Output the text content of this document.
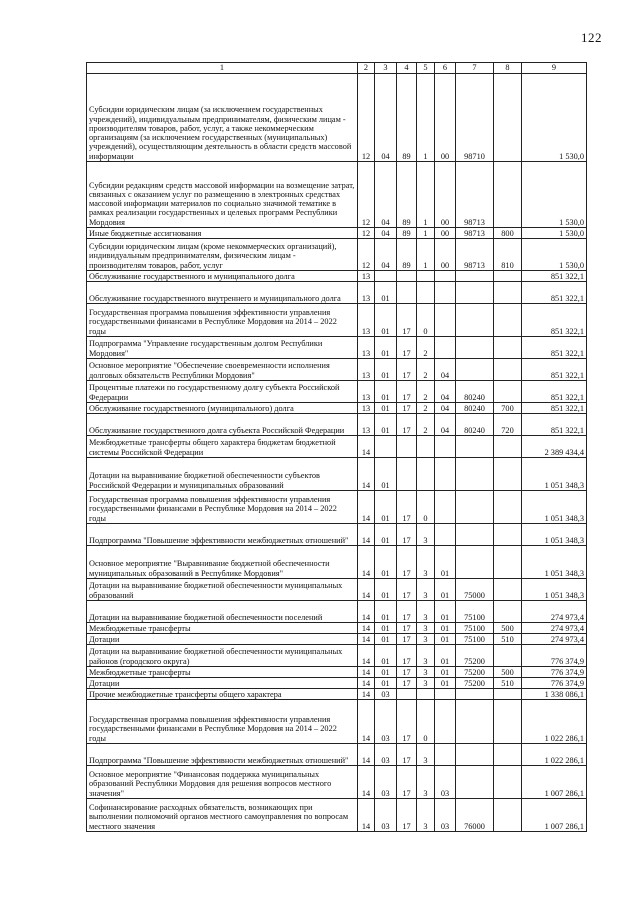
122
1	2	3	4	5	6	7	8	9
Субсидии юридическим лицам (за исключением государственных учреждений), индивидуальным предпринимателям, физическим лицам - производителям товаров, работ, услуг, а также некоммерческим организациям (за исключением государственных (муниципальных) учреждений), осуществляющим деятельность в области средств массовой информации	12	04	89	1	00	98710		1 530,0
Субсидии редакциям средств массовой информации на возмещение затрат, связанных с оказанием услуг по размещению в электронных средствах массовой информации материалов по социально значимой тематике в рамках реализации государственных и целевых программ Республики Мордовия	12	04	89	1	00	98713		1 530,0
Иные бюджетные ассигнования	12	04	89	1	00	98713	800	1 530,0
Субсидии юридическим лицам (кроме некоммерческих организаций), индивидуальным предпринимателям, физическим лицам - производителям товаров, работ, услуг	12	04	89	1	00	98713	810	1 530,0
Обслуживание государственного и муниципального долга	13							851 322,1
Обслуживание государственного внутреннего и муниципального долга	13	01						851 322,1
Государственная программа повышения эффективности управления государственными финансами в Республике Мордовия на 2014 – 2022 годы	13	01	17	0				851 322,1
Подпрограмма "Управление государственным долгом Республики Мордовия"	13	01	17	2				851 322,1
Основное мероприятие "Обеспечение своевременности исполнения долговых обязательств Республики Мордовия"	13	01	17	2	04			851 322,1
Процентные платежи по государственному долгу субъекта Российской Федерации	13	01	17	2	04	80240		851 322,1
Обслуживание государственного (муниципального) долга	13	01	17	2	04	80240	700	851 322,1
Обслуживание государственного долга субъекта Российской Федерации	13	01	17	2	04	80240	720	851 322,1
Межбюджетные трансферты общего характера бюджетам бюджетной системы Российской Федерации	14							2 389 434,4
Дотации на выравнивание бюджетной обеспеченности субъектов Российской Федерации и муниципальных образований	14	01						1 051 348,3
Государственная программа повышения эффективности управления государственными финансами в Республике Мордовия на 2014 – 2022 годы	14	01	17	0				1 051 348,3
Подпрограмма "Повышение эффективности межбюджетных отношений"	14	01	17	3				1 051 348,3
Основное мероприятие "Выравнивание бюджетной обеспеченности муниципальных образований в Республике Мордовия"	14	01	17	3	01			1 051 348,3
Дотации на выравнивание бюджетной обеспеченности муниципальных образований	14	01	17	3	01	75000		1 051 348,3
Дотации на выравнивание бюджетной обеспеченности поселений	14	01	17	3	01	75100		274 973,4
Межбюджетные трансферты	14	01	17	3	01	75100	500	274 973,4
Дотации	14	01	17	3	01	75100	510	274 973,4
Дотации на выравнивание бюджетной обеспеченности муниципальных районов (городского округа)	14	01	17	3	01	75200		776 374,9
Межбюджетные трансферты	14	01	17	3	01	75200	500	776 374,9
Дотации	14	01	17	3	01	75200	510	776 374,9
Прочие межбюджетные трансферты общего характера	14	03						1 338 086,1
Государственная программа повышения эффективности управления государственными финансами в Республике Мордовия на 2014 – 2022 годы	14	03	17	0				1 022 286,1
Подпрограмма "Повышение эффективности межбюджетных отношений"	14	03	17	3				1 022 286,1
Основное мероприятие "Финансовая поддержка муниципальных образований Республики Мордовия для решения вопросов местного значения"	14	03	17	3	03			1 007 286,1
Софинансирование расходных обязательств, возникающих при выполнении полномочий органов местного самоуправления по вопросам местного значения	14	03	17	3	03	76000		1 007 286,1
